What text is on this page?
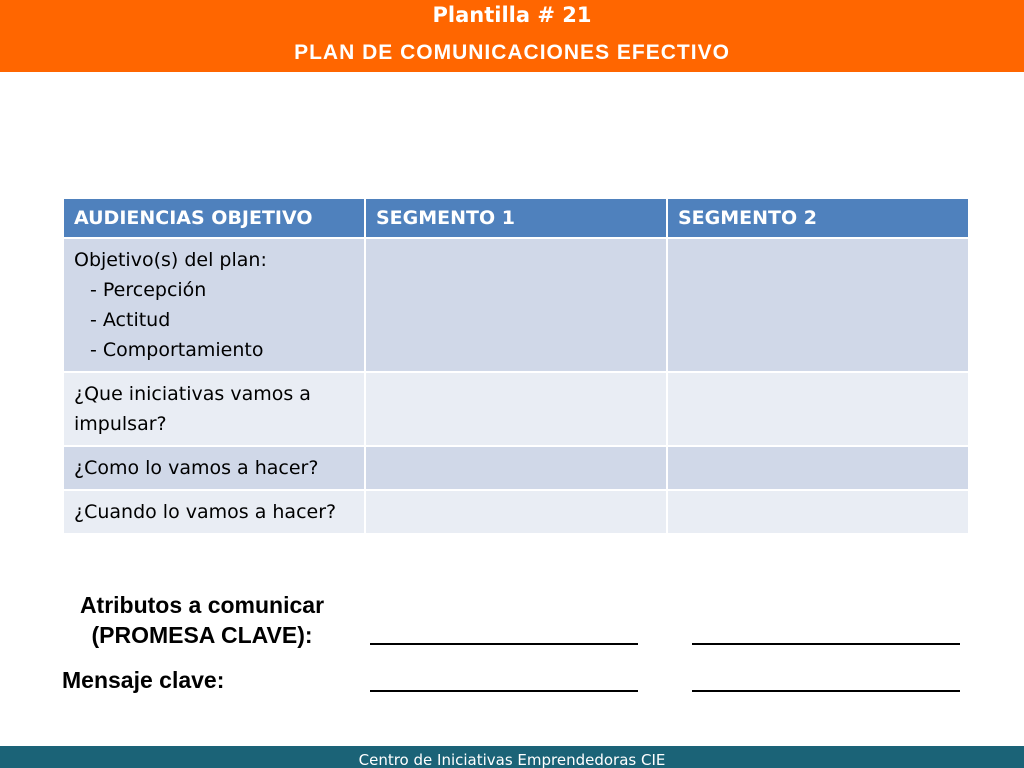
Plantilla # 21
PLAN DE COMUNICACIONES EFECTIVO
AUDIENCIAS OBJETIVO	SEGMENTO 1	SEGMENTO 2

Objetivo(s) del plan:
- Percepción
- Actitud
- Comportamiento		

¿Que iniciativas vamos a impulsar?		
¿Como lo vamos a hacer?		
¿Cuando lo vamos a hacer?		
Atributos a comunicar
(PROMESA CLAVE):
Mensaje clave:
Centro de Iniciativas Emprendedoras CIE
